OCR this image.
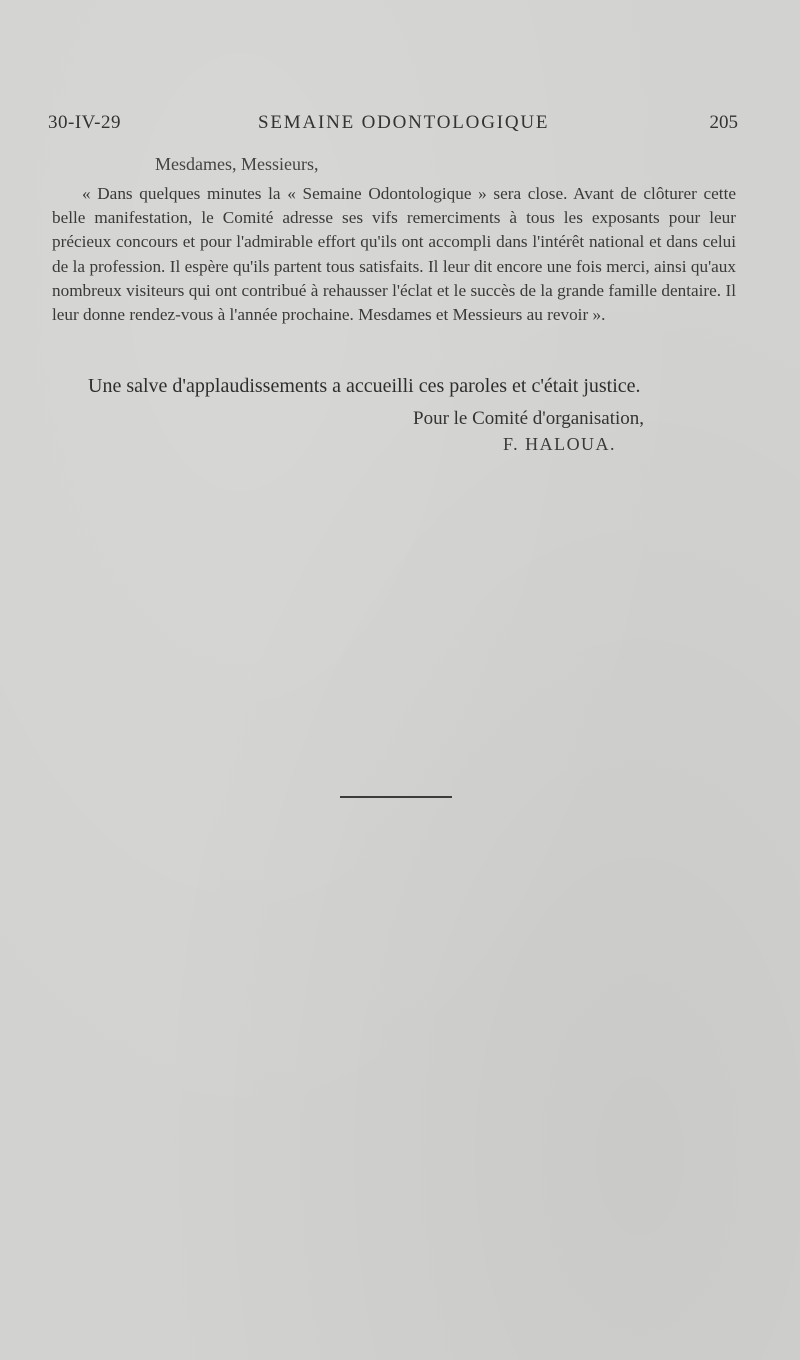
30-IV-29	SEMAINE ODONTOLOGIQUE	205
Mesdames, Messieurs,

« Dans quelques minutes la « Semaine Odontologique » sera close. Avant de clôturer cette belle manifestation, le Comité adresse ses vifs remerciments à tous les exposants pour leur précieux concours et pour l'admirable effort qu'ils ont accompli dans l'intérêt national et dans celui de la profession. Il espère qu'ils partent tous satisfaits. Il leur dit encore une fois merci, ainsi qu'aux nombreux visiteurs qui ont contribué à rehausser l'éclat et le succès de la grande famille dentaire. Il leur donne rendez-vous à l'année prochaine. Mesdames et Messieurs au revoir ».

Une salve d'applaudissements a accueilli ces paroles et c'était justice.
Pour le Comité d'organisation,
F. HALOUA.
